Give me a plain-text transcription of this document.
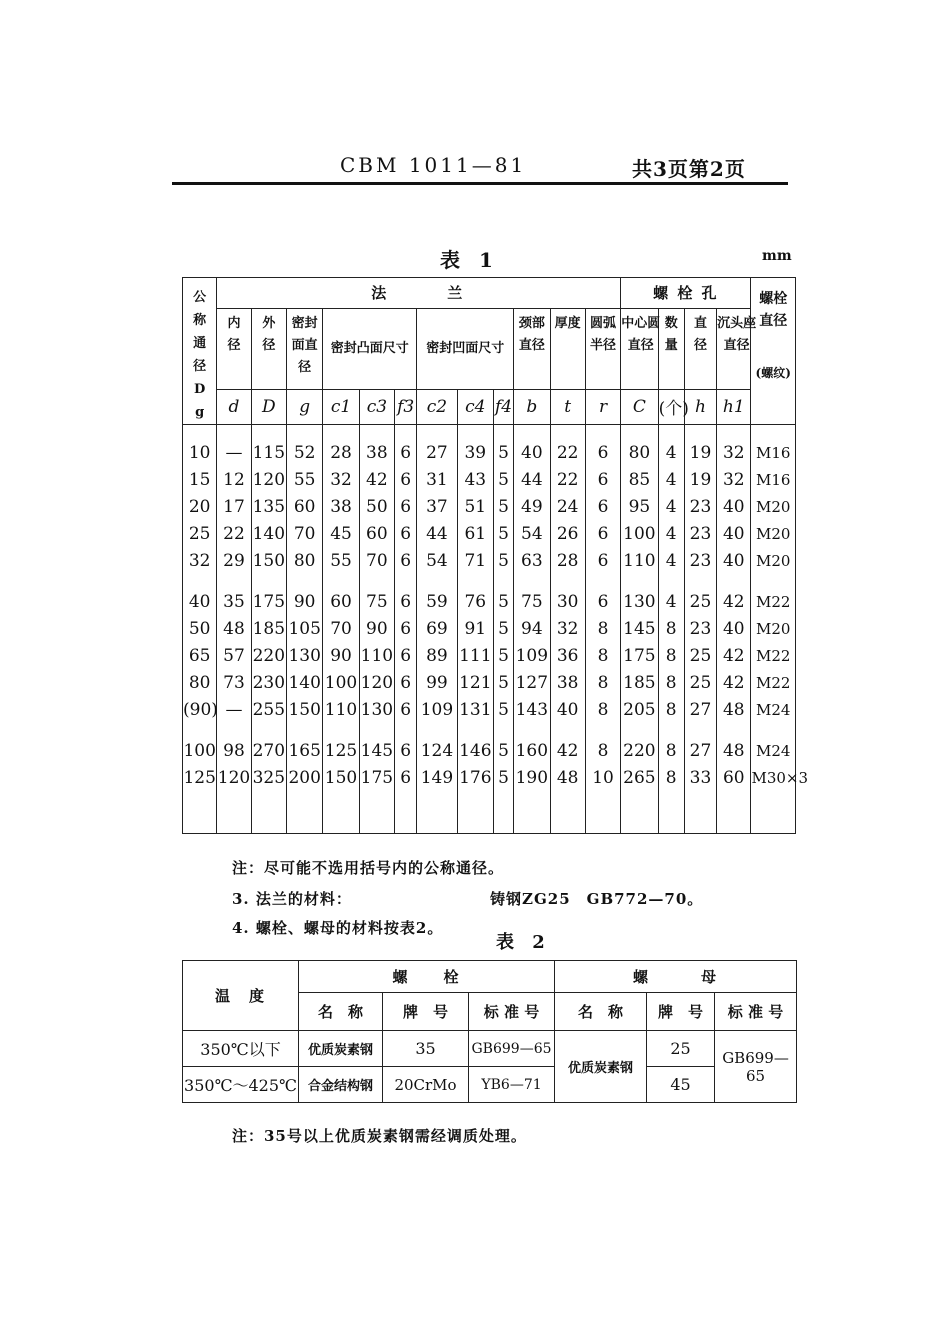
CBM 1011—81	共3页第2页
表 1	mm
公称通径Dg	法　　　兰												螺 栓 孔				螺栓直径
(螺纹)

	内径	外径	密封面直径	密封凸面尺寸			密封凹面尺寸			颈部直径	厚度	圆弧半径	中心圆直径	数量	直径	沉头座直径	

	d	D	g	c1	c3	f3	c2	c4	f4	b	t	r	C	(个)	h	h1	

10	—	115	52	28	38	6	27	39	5	40	22	6	80	4	19	32	M16
15	12	120	55	32	42	6	31	43	5	44	22	6	85	4	19	32	M16
20	17	135	60	38	50	6	37	51	5	49	24	6	95	4	23	40	M20
25	22	140	70	45	60	6	44	61	5	54	26	6	100	4	23	40	M20
32	29	150	80	55	70	6	54	71	5	63	28	6	110	4	23	40	M20

40	35	175	90	60	75	6	59	76	5	75	30	6	130	4	25	42	M22
50	48	185	105	70	90	6	69	91	5	94	32	8	145	8	23	40	M20
65	57	220	130	90	110	6	89	111	5	109	36	8	175	8	25	42	M22
80	73	230	140	100	120	6	99	121	5	127	38	8	185	8	25	42	M22
(90)	—	255	150	110	130	6	109	131	5	143	40	8	205	8	27	48	M24

100	98	270	165	125	145	6	124	146	5	160	42	8	220	8	27	48	M24
125	120	325	200	150	175	6	149	176	5	190	48	10	265	8	33	60	M30×3

注：尽可能不选用括号内的公称通径。
3. 法兰的材料：	铸钢ZG25　GB772—70。
4. 螺栓、螺母的材料按表2。
表 2
温　度	螺　　栓			螺　　　母		
	名　称	牌　号	标 准 号	名　称	牌　号	标 准 号
350℃以下	优质炭素钢	35	GB699—65	优质炭素钢	25	GB699—65
350℃～425℃	合金结构钢	20CrMo	YB6—71		45	
注：35号以上优质炭素钢需经调质处理。
